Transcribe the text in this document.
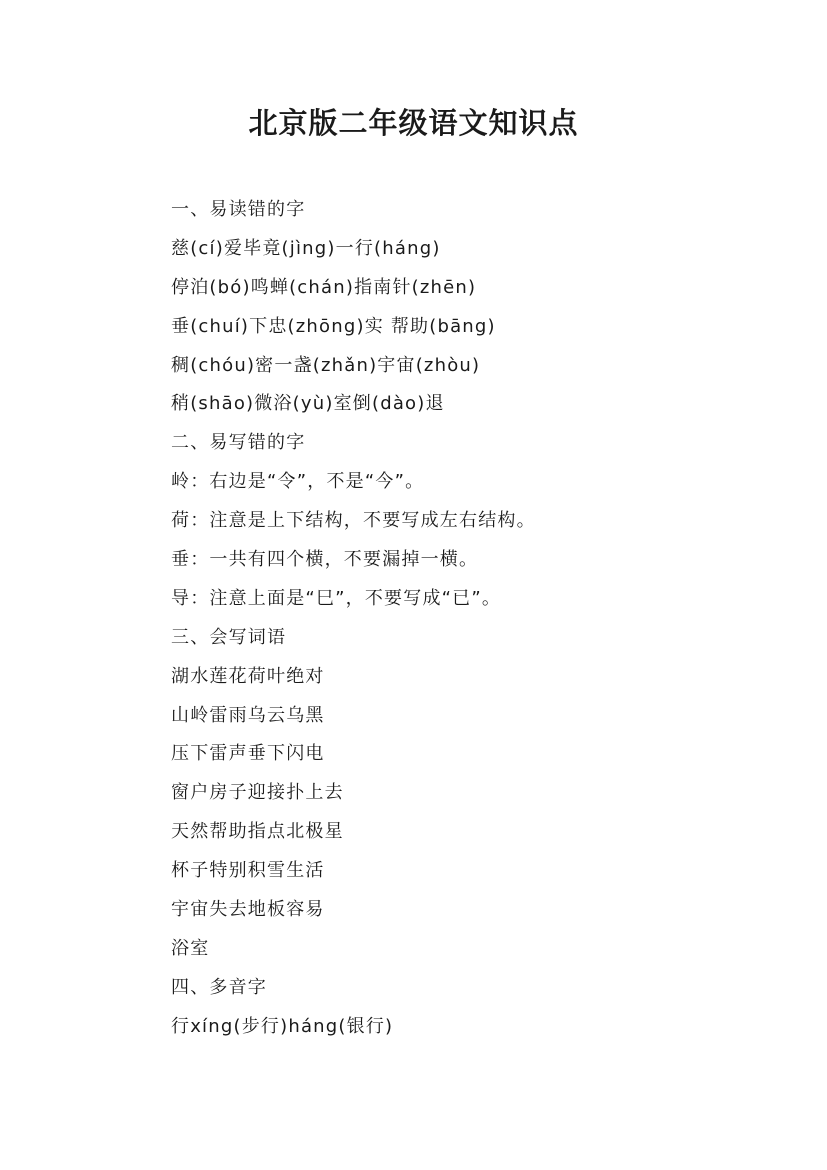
北京版二年级语文知识点
一、易读错的字
慈(cí)爱毕竟(jìng)一行(háng)
停泊(bó)鸣蝉(chán)指南针(zhēn)
垂(chuí)下忠(zhōng)实 帮助(bāng)
稠(chóu)密一盏(zhǎn)宇宙(zhòu)
稍(shāo)微浴(yù)室倒(dào)退
二、易写错的字
岭：右边是“令”，不是“今”。
荷：注意是上下结构，不要写成左右结构。
垂：一共有四个横，不要漏掉一横。
导：注意上面是“巳”，不要写成“已”。
三、会写词语
湖水莲花荷叶绝对
山岭雷雨乌云乌黑
压下雷声垂下闪电
窗户房子迎接扑上去
天然帮助指点北极星
杯子特别积雪生活
宇宙失去地板容易
浴室
四、多音字
行xíng(步行)háng(银行)
